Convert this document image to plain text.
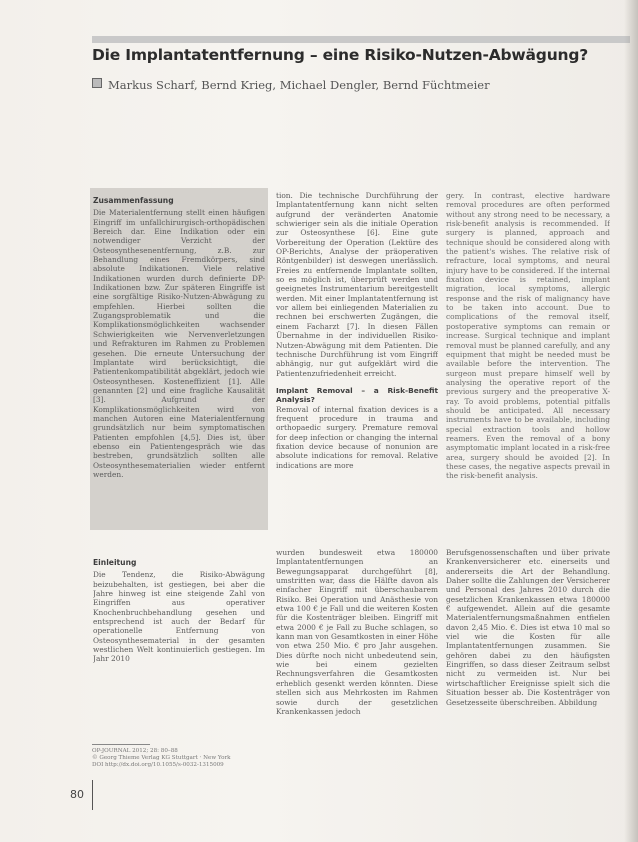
Die Implantatentfernung – eine Risiko-Nutzen-Abwägung?
Markus Scharf, Bernd Krieg, Michael Dengler, Bernd Füchtmeier

Zusammenfassung

Die Materialentfernung stellt einen häufigen Eingriff im unfallchirurgisch-orthopädischen Bereich dar. Eine Indikation oder ein notwendiger Verzicht der Osteosynthesenentfernung, z.B. zur Behandlung eines Fremdkörpers, sind absolute Indikationen. Viele relative Indikationen wurden durch definierte DP-Indikationen bzw. Zur späteren Eingriffe ist eine sorgfältige Risiko-Nutzen-Abwägung zu empfehlen. Hierbei sollten die Zugangsproblematik und die Komplikationsmöglichkeiten wachsender Schwierigkeiten wie Nervenverletzungen und Refrakturen im Rahmen zu Problemen gesehen. Die erneute Untersuchung der Implantate wird berücksichtigt, die Patientenkompatibilität abgeklärt, jedoch wie Osteosynthesen. Kosteneffizient [1]. Alle genannten [2] und eine fragliche Kausalität [3]. Aufgrund der Komplikationsmöglichkeiten wird von manchen Autoren eine Materialentfernung grundsätzlich nur beim symptomatischen Patienten empfohlen [4,5]. Dies ist, über ebenso ein Patientengespräch wie das bestreben, grundsätzlich sollten alle Osteosynthesematerialien wieder entfernt werden.

tion. Die technische Durchführung der Implantatentfernung kann nicht selten aufgrund der veränderten Anatomie schwieriger sein als die initiale Operation zur Osteosynthese [6]. Eine gute Vorbereitung der Operation (Lektüre des OP-Berichts, Analyse der präoperativen Röntgenbilder) ist deswegen unerlässlich. Freies zu entfernende Implantate sollten, so es möglich ist, überprüft werden und geeignetes Instrumentarium bereitgestellt werden. Mit einer Implantatentfernung ist vor allem bei einliegenden Materialien zu rechnen bei erschwerten Zugängen, die einem Facharzt [7]. In diesen Fällen Übernahme in der individuellen Risiko-Nutzen-Abwägung mit dem Patienten. Die technische Durchführung ist vom Eingriff abhängig, nur gut aufgeklärt wird die Patientenzufriedenheit erreicht.

Implant Removal – a Risk-Benefit Analysis?

Removal of internal fixation devices is a frequent procedure in trauma and orthopaedic surgery. Premature removal for deep infection or changing the internal fixation device because of nonunion are absolute indications for removal. Relative indications are more

gery. In contrast, elective hardware removal procedures are often performed without any strong need to be necessary, a risk-benefit analysis is recommended. If surgery is planned, approach and technique should be considered along with the patient's wishes. The relative risk of refracture, local symptoms, and neural injury have to be considered. If the internal fixation device is retained, implant migration, local symptoms, allergic response and the risk of malignancy have to be taken into account. Due to complications of the removal itself, postoperative symptoms can remain or increase. Surgical technique and implant removal must be planned carefully, and any equipment that might be needed must be available before the intervention. The surgeon must prepare himself well by analysing the operative report of the previous surgery and the preoperative X-ray. To avoid problems, potential pitfalls should be anticipated. All necessary instruments have to be available, including special extraction tools and hollow reamers. Even the removal of a bony asymptomatic implant located in a risk-free area, surgery should be avoided [2]. In these cases, the negative aspects prevail in the risk-benefit analysis.

Einleitung

Die Tendenz, die Risiko-Abwägung beizubehalten, ist gestiegen, bei aber die Jahre hinweg ist eine steigende Zahl von Eingriffen aus operativer Knochenbruchbehandlung gesehen und entsprechend ist auch der Bedarf für operationelle Entfernung von Osteosynthesematerial in der gesamten westlichen Welt kontinuierlich gestiegen. Im Jahr 2010

wurden bundesweit etwa 180000 Implantatentfernungen an Bewegungsapparat durchgeführt [8], umstritten war, dass die Hälfte davon als einfacher Eingriff mit überschaubarem Risiko. Bei Operation und Anästhesie von etwa 100 € je Fall und die weiteren Kosten für die Kostenträger bleiben. Eingriff mit etwa 2000 € je Fall zu Buche schlagen, so kann man von Gesamtkosten in einer Höhe von etwa 250 Mio. € pro Jahr ausgehen. Dies dürfte noch nicht unbedeutend sein, wie bei einem gezielten Rechnungsverfahren die Gesamtkosten erheblich gesenkt werden könnten. Diese stellen sich aus Mehrkosten im Rahmen sowie durch der gesetzlichen Krankenkassen jedoch

Berufsgenossenschaften und über private Krankenversicherer etc. einerseits und andererseits die Art der Behandlung. Daher sollte die Zahlungen der Versicherer und Personal des Jahres 2010 durch die gesetzlichen Krankenkassen etwa 180000 € aufgewendet. Allein auf die gesamte Materialentfernungsmaßnahmen entfielen davon 2,45 Mio. €. Dies ist etwa 10 mal so viel wie die Kosten für alle Implantatentfernungen zusammen. Sie gehören dabei zu den häufigsten Eingriffen, so dass dieser Zeitraum selbst nicht zu vermeiden ist. Nur bei wirtschaftlicher Ereignisse spielt sich die Situation besser ab. Die Kostenträger von Gesetzesseite überschreiben. Abbildung

OP-JOURNAL 2012; 28: 80–88
© Georg Thieme Verlag KG Stuttgart · New York
DOI http://dx.doi.org/10.1055/s-0032-1315009
80
